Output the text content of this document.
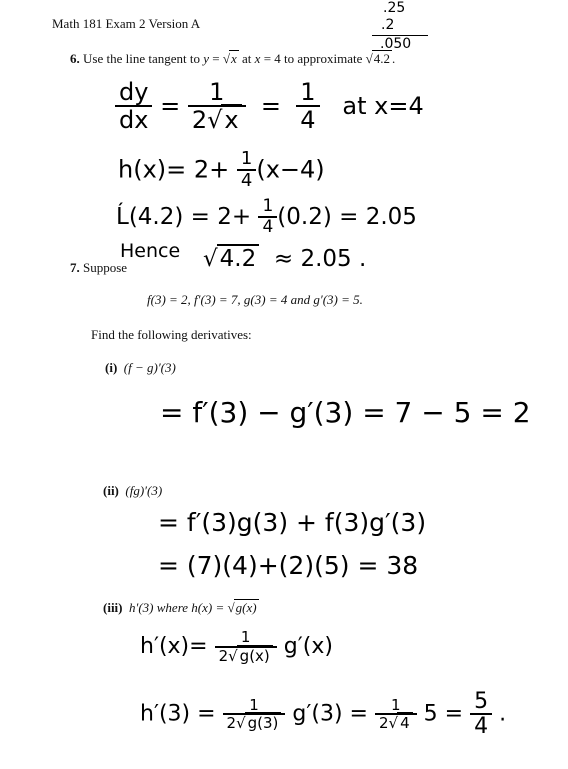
Math 181 Exam 2 Version A
.25
.2
.050
6. Use the line tangent to y = √x at x = 4 to approximate √4.2 .
$\frac{dy}{dx} = \frac{1}{2√x} = \frac{1}{4}$ at x=4
$h(x)= 2+ \frac{1}{4} (x-4)$
Ĺ(4.2) = $2+ \frac{1}{4} (0.2) = 2.05$
Hence √4.2 ≈ 2.05 .
7. Suppose
f(3) = 2, f′(3) = 7, g(3) = 4 and g′(3) = 5.
Find the following derivatives:
(i) (f − g)′(3)
= f′(3) − g′(3) = 7 − 5 = 2
(ii) (fg)′(3)
= f′(3)g(3) + f(3)g′(3)
= (7)(4)+(2)(5) = 38
(iii) h′(3) where h(x) = √g(x)
$h'(x)= \frac{1}{2√ g(x)} g'(x)$
$h'(3) = \frac{1}{2√ g(3)} g'(3) = \frac{1}{2√ 4} 5 = \frac{5}{4}$ .
